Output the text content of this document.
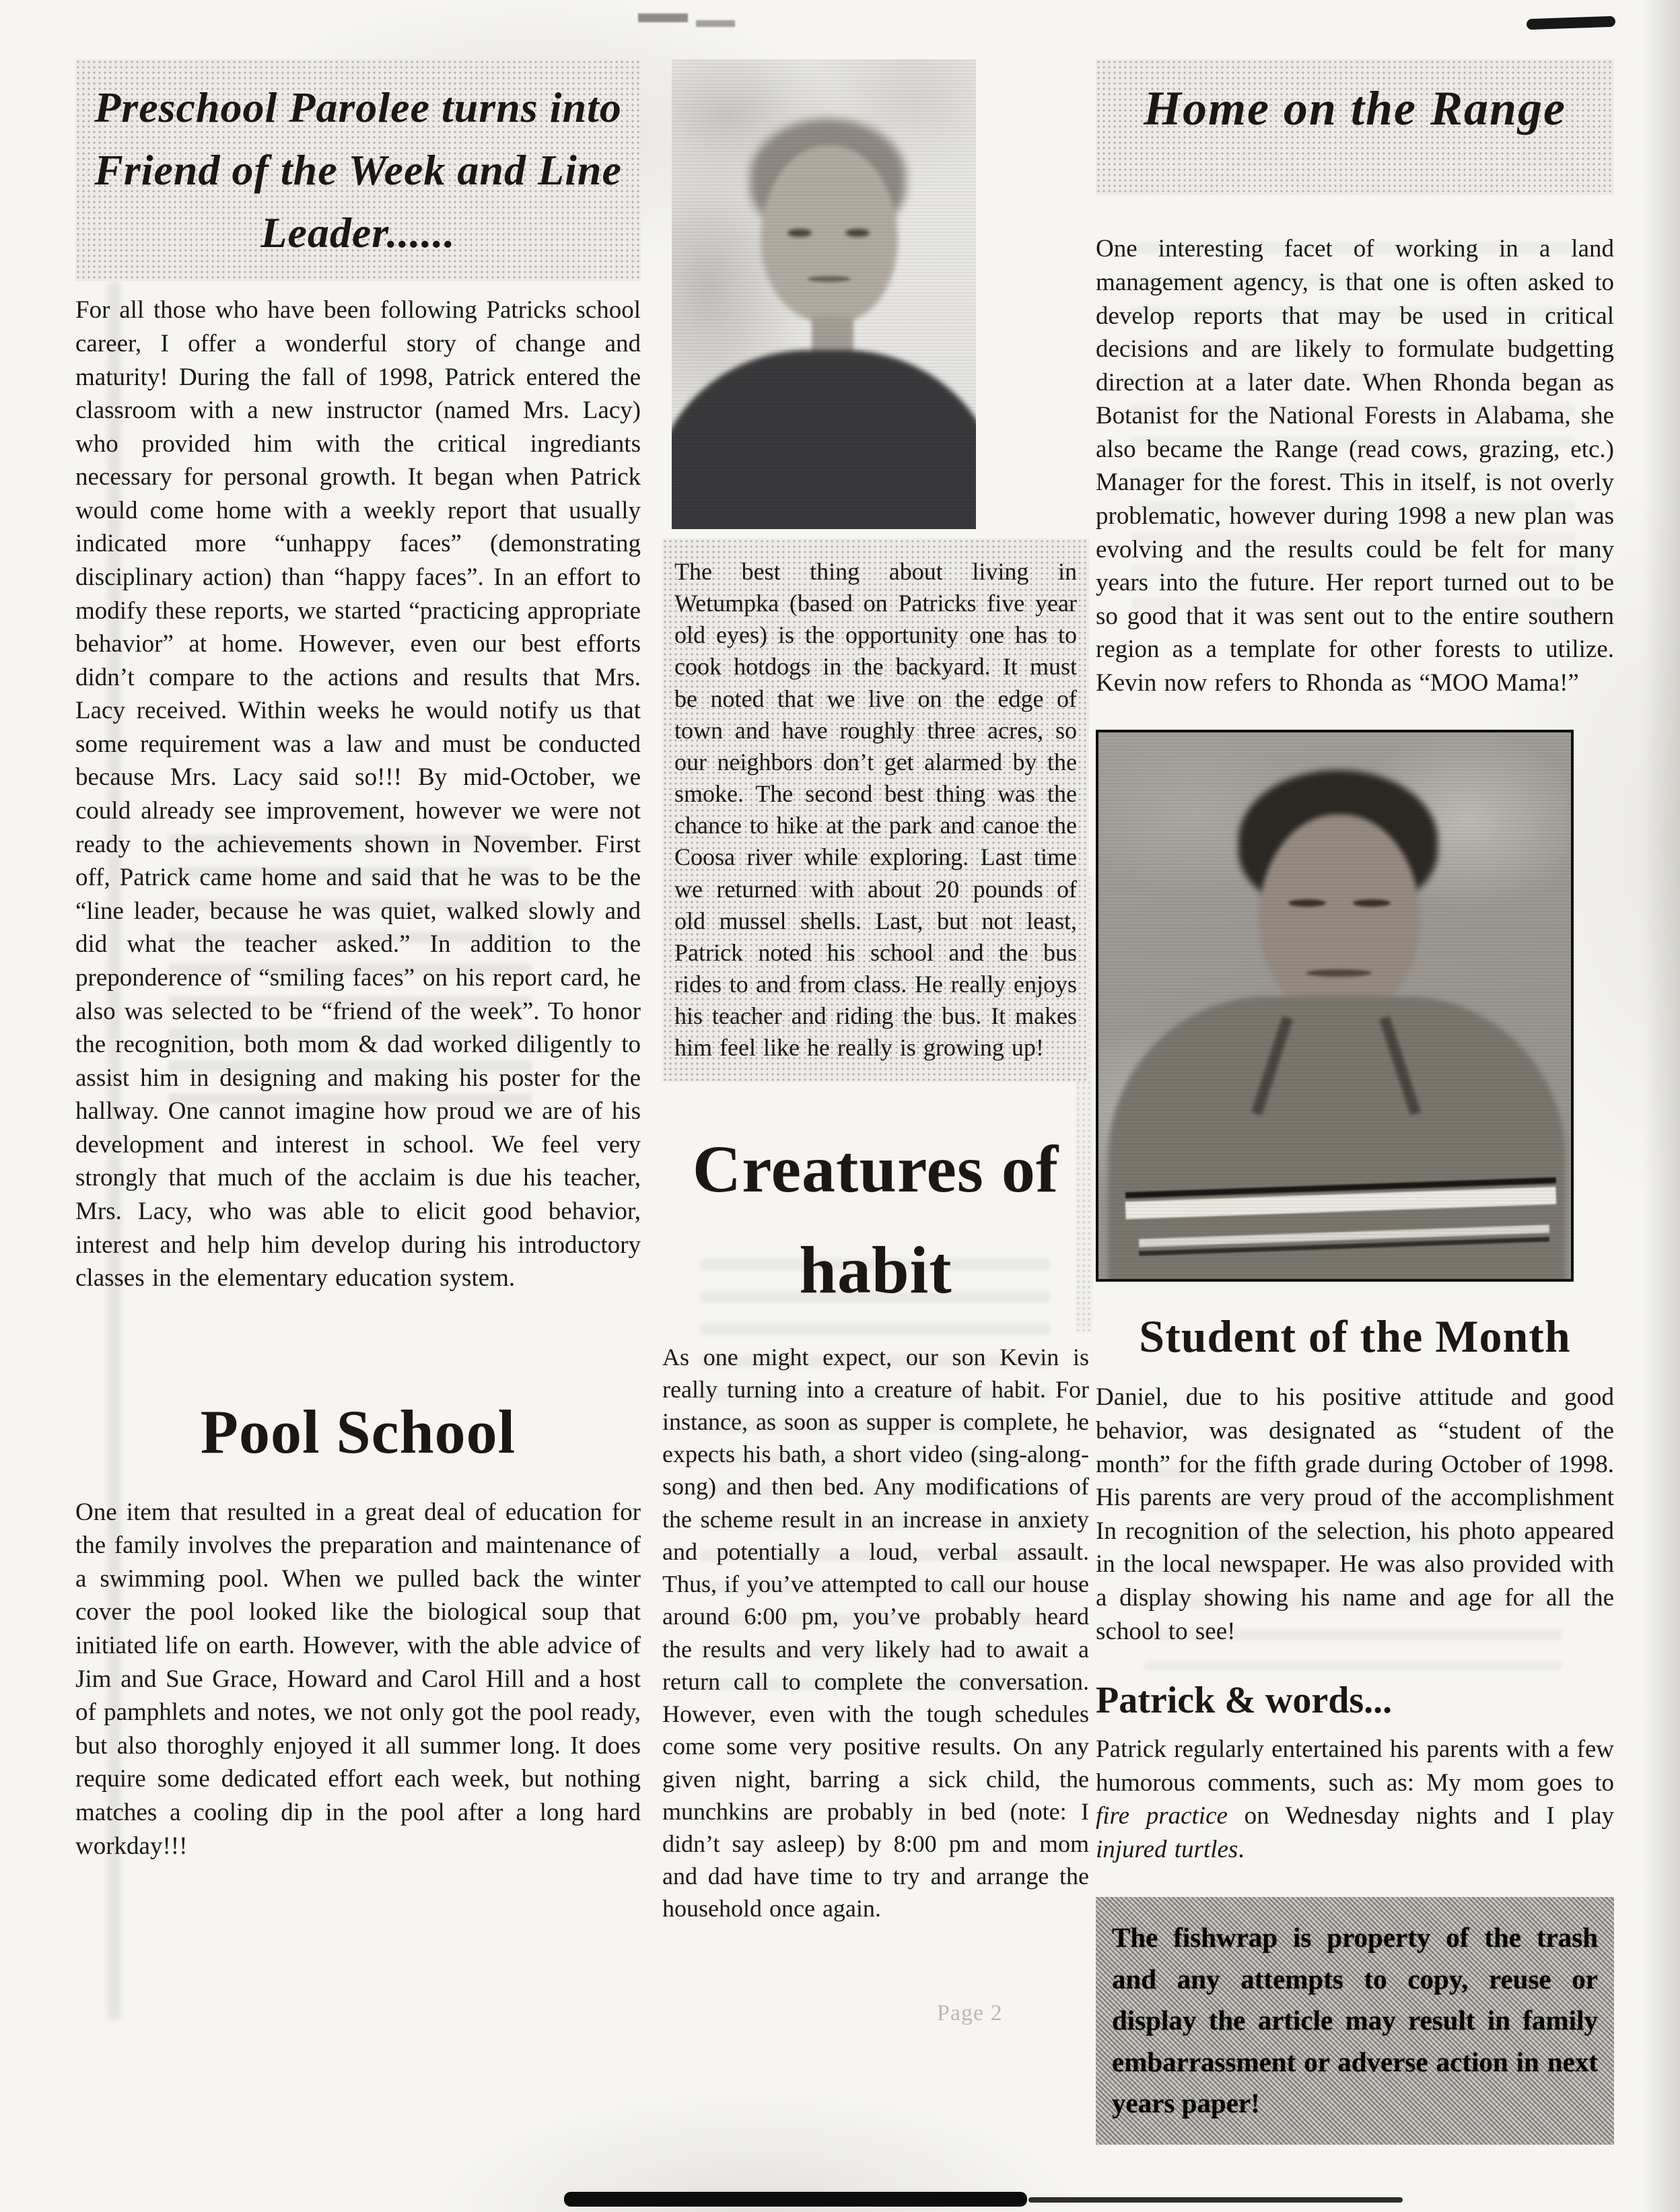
Preschool Parolee turns into Friend of the Week and Line Leader......

For all those who have been following Patricks school career, I offer a wonderful story of change and maturity! During the fall of 1998, Patrick entered the classroom with a new instructor (named Mrs. Lacy) who provided him with the critical ingrediants necessary for personal growth. It began when Patrick would come home with a weekly report that usually indicated more “unhappy faces” (demonstrating disciplinary action) than “happy faces”. In an effort to modify these reports, we started “practicing appropriate behavior” at home. However, even our best efforts didn’t compare to the actions and results that Mrs. Lacy received. Within weeks he would notify us that some requirement was a law and must be conducted because Mrs. Lacy said so!!! By mid-October, we could already see improvement, however we were not ready to the achievements shown in November. First off, Patrick came home and said that he was to be the “line leader, because he was quiet, walked slowly and did what the teacher asked.” In addition to the preponderence of “smiling faces” on his report card, he also was selected to be “friend of the week”. To honor the recognition, both mom & dad worked diligently to assist him in designing and making his poster for the hallway. One cannot imagine how proud we are of his development and interest in school. We feel very strongly that much of the acclaim is due his teacher, Mrs. Lacy, who was able to elicit good behavior, interest and help him develop during his introductory classes in the elementary education system.

Pool School

One item that resulted in a great deal of education for the family involves the preparation and maintenance of a swimming pool. When we pulled back the winter cover the pool looked like the biological soup that initiated life on earth. However, with the able advice of Jim and Sue Grace, Howard and Carol Hill and a host of pamphlets and notes, we not only got the pool ready, but also thoroghly enjoyed it all summer long. It does require some dedicated effort each week, but nothing matches a cooling dip in the pool after a long hard workday!!!

The best thing about living in Wetumpka (based on Patricks five year old eyes) is the opportunity one has to cook hotdogs in the backyard. It must be noted that we live on the edge of town and have roughly three acres, so our neighbors don’t get alarmed by the smoke. The second best thing was the chance to hike at the park and canoe the Coosa river while exploring. Last time we returned with about 20 pounds of old mussel shells. Last, but not least, Patrick noted his school and the bus rides to and from class. He really enjoys his teacher and riding the bus. It makes him feel like he really is growing up!

Creatures of habit

As one might expect, our son Kevin is really turning into a creature of habit. For instance, as soon as supper is complete, he expects his bath, a short video (sing-along-song) and then bed. Any modifications of the scheme result in an increase in anxiety and potentially a loud, verbal assault. Thus, if you’ve attempted to call our house around 6:00 pm, you’ve probably heard the results and very likely had to await a return call to complete the conversation. However, even with the tough schedules come some very positive results. On any given night, barring a sick child, the munchkins are probably in bed (note: I didn’t say asleep) by 8:00 pm and mom and dad have time to try and arrange the household once again.

Home on the Range

One interesting facet of working in a land management agency, is that one is often asked to develop reports that may be used in critical decisions and are likely to formulate budgetting direction at a later date. When Rhonda began as Botanist for the National Forests in Alabama, she also became the Range (read cows, grazing, etc.) Manager for the forest. This in itself, is not overly problematic, however during 1998 a new plan was evolving and the results could be felt for many years into the future. Her report turned out to be so good that it was sent out to the entire southern region as a template for other forests to utilize. Kevin now refers to Rhonda as “MOO Mama!”

Student of the Month

Daniel, due to his positive attitude and good behavior, was designated as “student of the month” for the fifth grade during October of 1998. His parents are very proud of the accomplishment In recognition of the selection, his photo appeared in the local newspaper. He was also provided with a display showing his name and age for all the school to see!

Patrick & words...

Patrick regularly entertained his parents with a few humorous comments, such as: My mom goes to fire practice on Wednesday nights and I play injured turtles.

The fishwrap is property of the trash and any attempts to copy, reuse or display the article may result in family embarrassment or adverse action in next years paper!

Page 2
